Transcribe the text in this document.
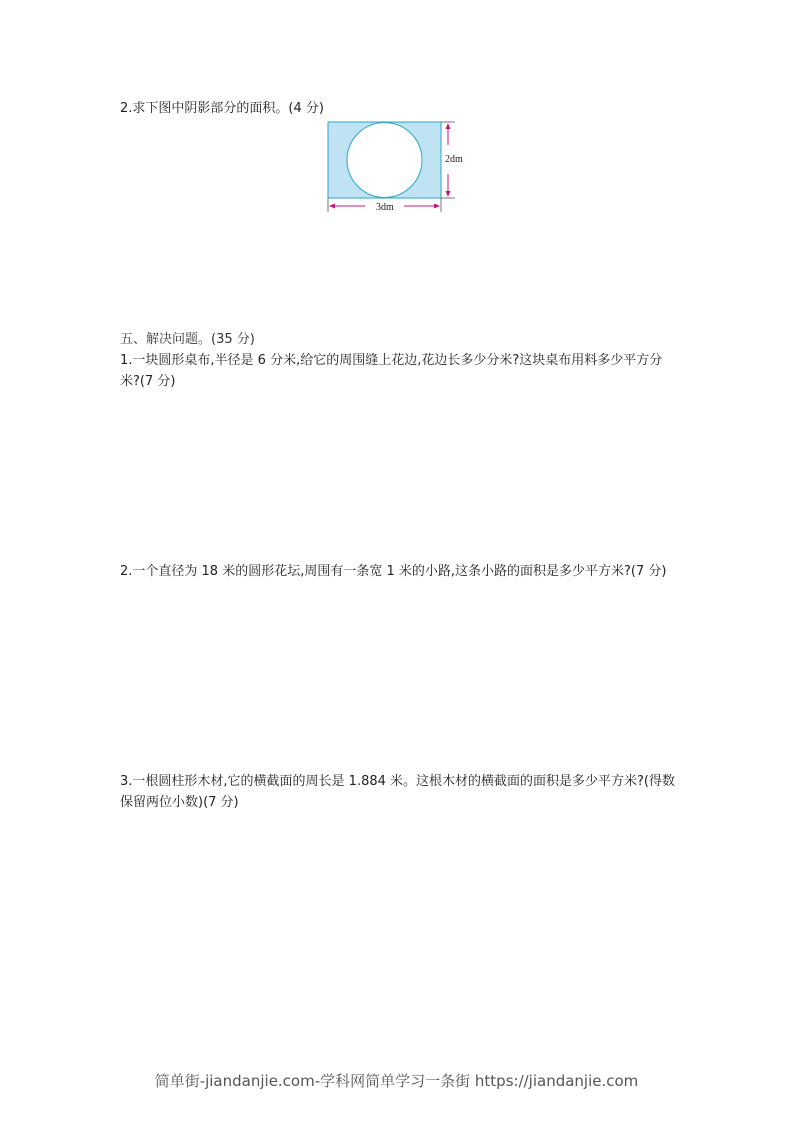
2.求下图中阴影部分的面积。(4 分)

2dm
3dm
五、解决问题。(35 分)

1.一块圆形桌布,半径是 6 分米,给它的周围缝上花边,花边长多少分米?这块桌布用料多少平方分米?(7 分)

2.一个直径为 18 米的圆形花坛,周围有一条宽 1 米的小路,这条小路的面积是多少平方米?(7 分)

3.一根圆柱形木材,它的横截面的周长是 1.884 米。这根木材的横截面的面积是多少平方米?(得数保留两位小数)(7 分)

简单街-jiandanjie.com-学科网简单学习一条街 https://jiandanjie.com
